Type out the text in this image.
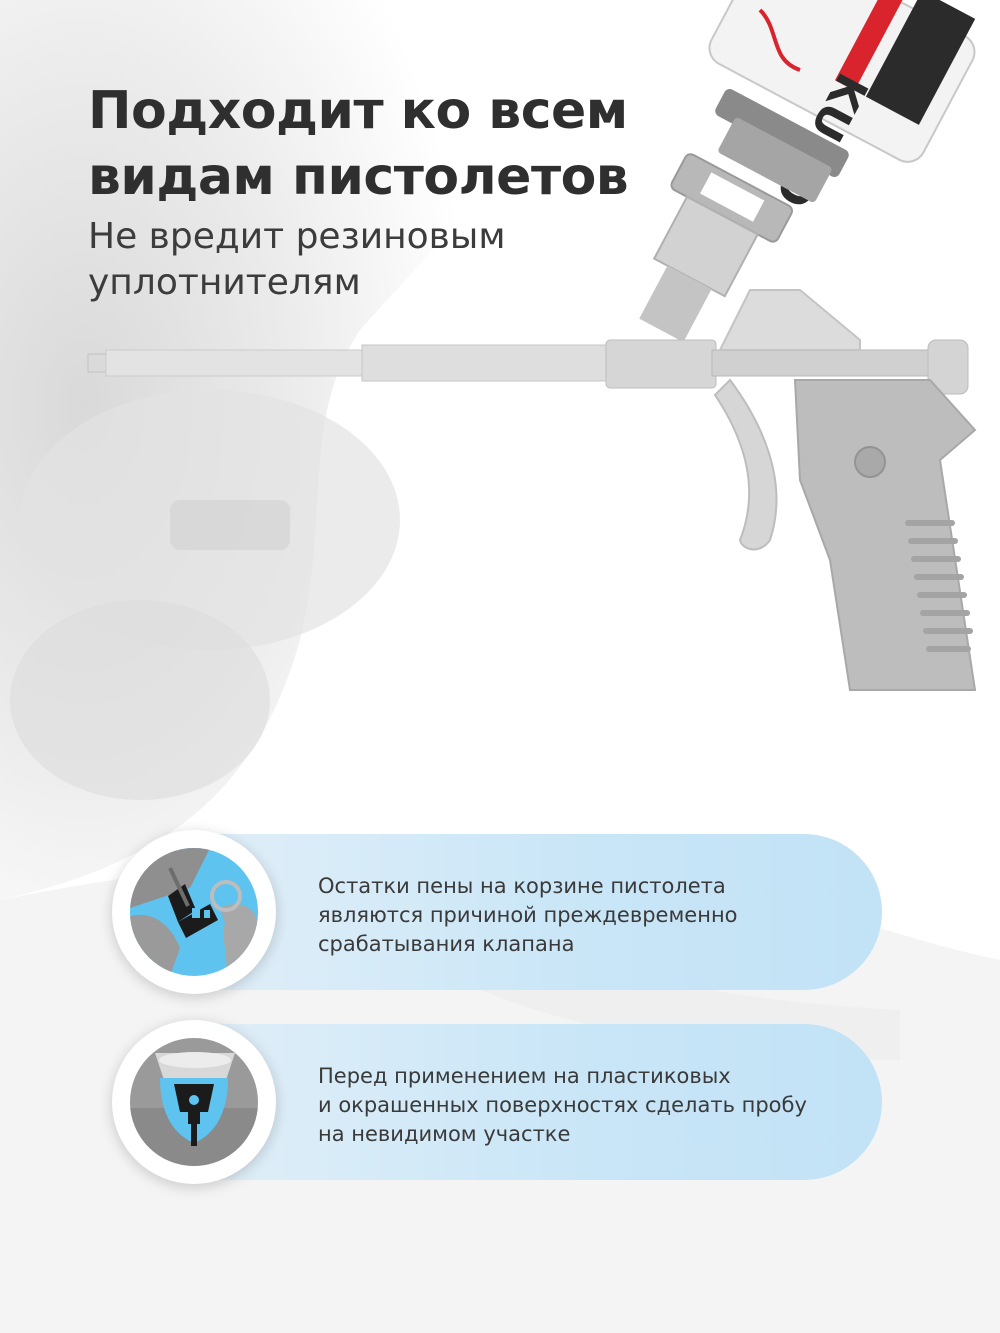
Подходит ко всем
видам пистолетов

Не вредит резиновым
уплотнителям

Остатки пены на корзине пистолета
являются причиной преждевременно
срабатывания клапана

Перед применением на пластиковых
и окрашенных поверхностях сделать пробу
на невидимом участке
